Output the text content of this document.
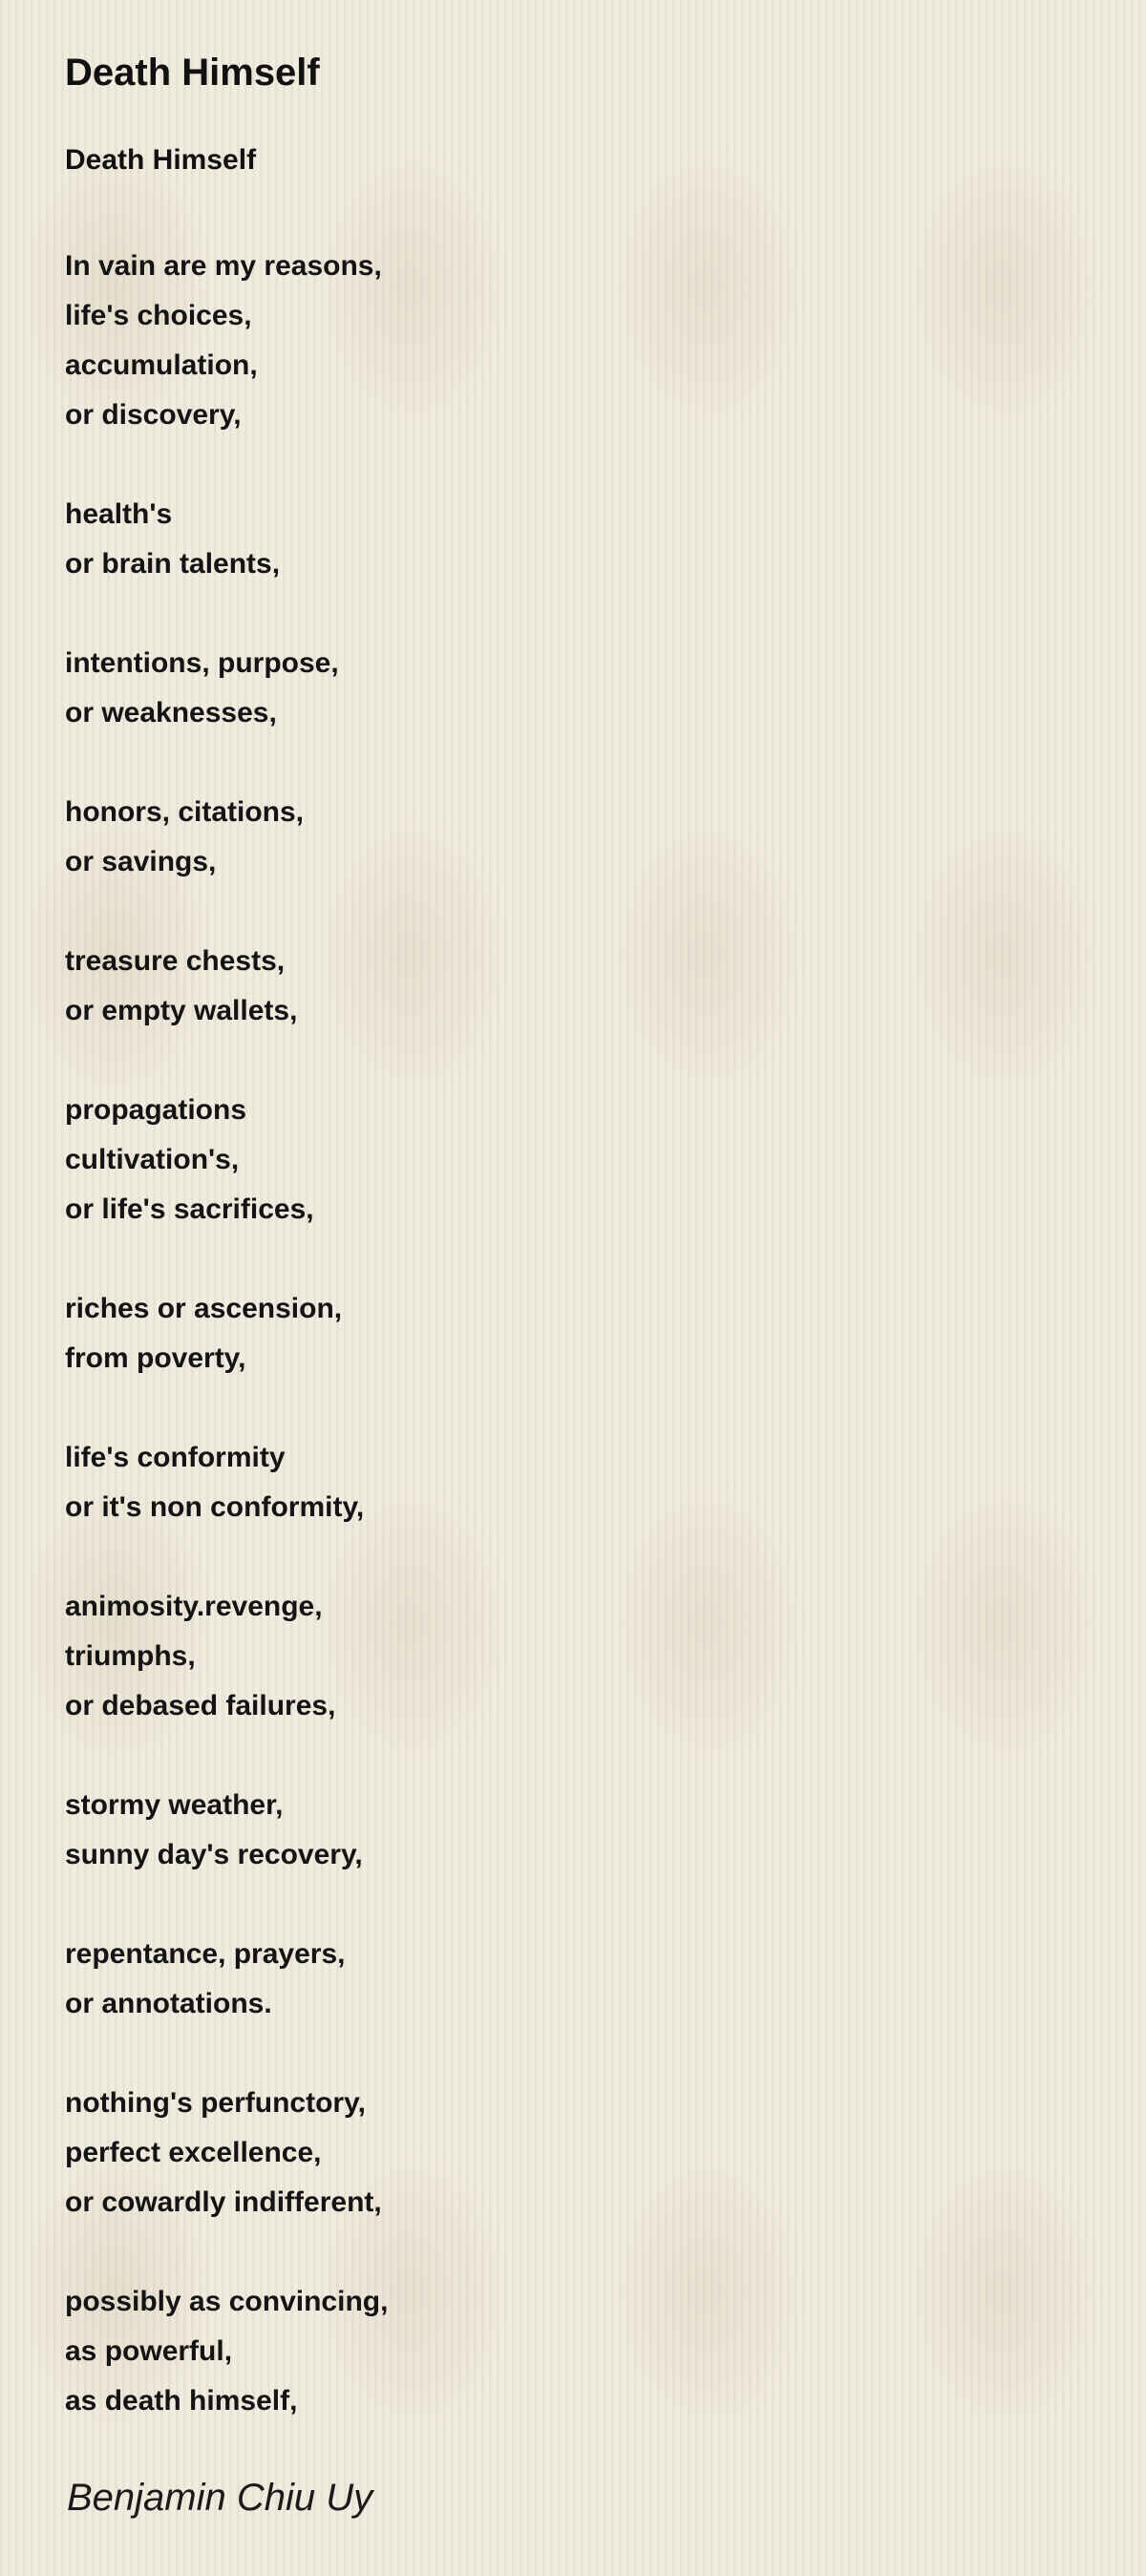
Death Himself
Death Himself
In vain are my reasons,
life's choices,
accumulation,
or discovery,

health's
or brain talents,

intentions, purpose,
or weaknesses,

honors, citations,
or savings,

treasure chests,
or empty wallets,

propagations
cultivation's,
or life's sacrifices,

riches or ascension,
from poverty,

life's conformity
or it's non conformity,

animosity.revenge,
triumphs,
or debased failures,

stormy weather,
sunny day's recovery,

repentance, prayers,
or annotations.

nothing's perfunctory,
perfect excellence,
or cowardly indifferent,

possibly as convincing,
as powerful,
as death himself,
Benjamin Chiu Uy
